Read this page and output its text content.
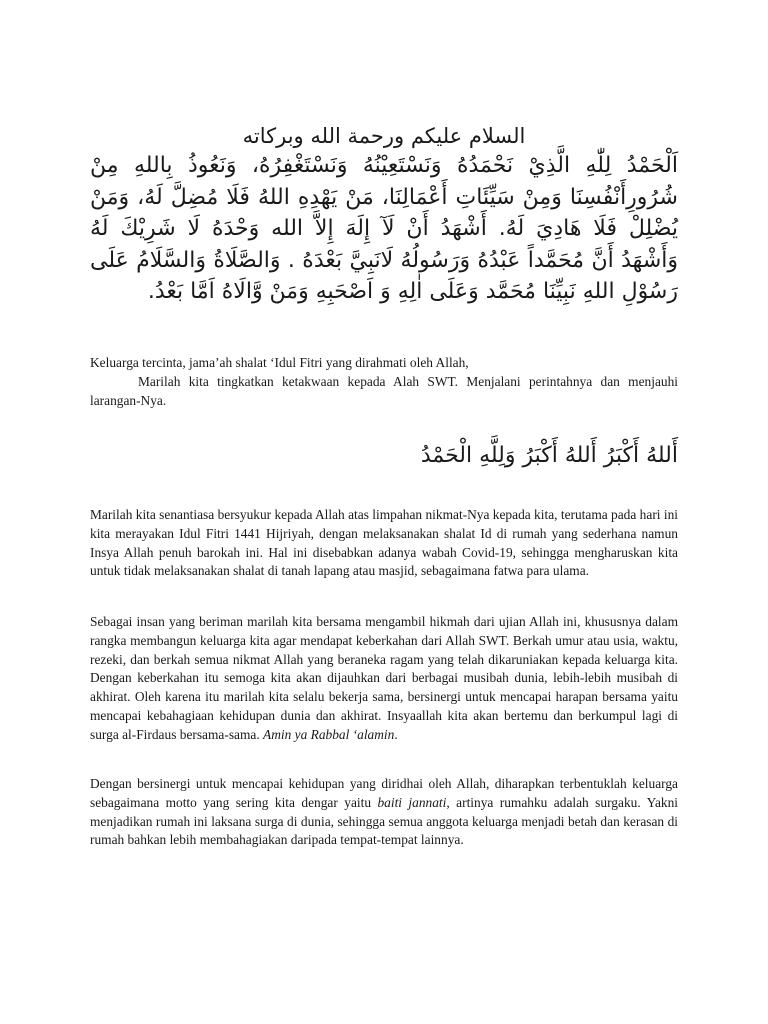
السلام عليكم ورحمة الله وبركاته
اَلْحَمْدُ لِلّٰهِ الَّذِيْ نَحْمَدُهُ وَنَسْتَعِيْنُهُ وَنَسْتَغْفِرُهُ، وَنَعُوذُ بِاللهِ مِنْ شُرُورِأَنْفُسِنَا وَمِنْ سَيِّئَاتِ أَعْمَالِنَا، مَنْ يَهْدِهِ اللهُ فَلَا مُضِلَّ لَهُ، وَمَنْ يُضْلِلْ فَلَا هَادِيَ لَهُ. أَشْهَدُ أَنْ لَآ إِلَهَ إِلاَّ الله وَحْدَهُ لَا شَرِيْكَ لَهُ وَأَشْهَدُ أَنَّ مُحَمَّداً عَبْدُهُ وَرَسُولُهُ لَانَبِيَّ بَعْدَهُ . وَالصَّلَاةُ وَالسَّلَامُ عَلَى رَسُوْلِ اللهِ نَبِيِّنَا مُحَمَّد وَعَلَى اٰلِهِ وَ اَصْحَبِهِ وَمَنْ وَّالَاهُ اَمَّا بَعْدُ.

Keluarga tercinta, jama’ah shalat ‘Idul Fitri yang dirahmati oleh Allah,

Marilah kita tingkatkan ketakwaan kepada Alah SWT. Menjalani perintahnya dan menjauhi larangan-Nya.

أَللهُ أَكْبَرُ أَللهُ أَكْبَرُ وَلِلَّهِ الْحَمْدُ

Marilah kita senantiasa bersyukur kepada Allah atas limpahan nikmat-Nya kepada kita, terutama pada hari ini kita merayakan Idul Fitri 1441 Hijriyah, dengan melaksanakan shalat Id di rumah yang sederhana namun Insya Allah penuh barokah ini. Hal ini disebabkan adanya wabah Covid-19, sehingga mengharuskan kita untuk tidak melaksanakan shalat di tanah lapang atau masjid, sebagaimana fatwa para ulama.

Sebagai insan yang beriman marilah kita bersama mengambil hikmah dari ujian Allah ini, khususnya dalam rangka membangun keluarga kita agar mendapat keberkahan dari Allah SWT. Berkah umur atau usia, waktu, rezeki, dan berkah semua nikmat Allah yang beraneka ragam yang telah dikaruniakan kepada keluarga kita. Dengan keberkahan itu semoga kita akan dijauhkan dari berbagai musibah dunia, lebih-lebih musibah di akhirat. Oleh karena itu marilah kita selalu bekerja sama, bersinergi untuk mencapai harapan bersama yaitu mencapai kebahagiaan kehidupan dunia dan akhirat. Insyaallah kita akan bertemu dan berkumpul lagi di surga al-Firdaus bersama-sama. Amin ya Rabbal ‘alamin.

Dengan bersinergi untuk mencapai kehidupan yang diridhai oleh Allah, diharapkan terbentuklah keluarga sebagaimana motto yang sering kita dengar yaitu baiti jannati, artinya rumahku adalah surgaku. Yakni menjadikan rumah ini laksana surga di dunia, sehingga semua anggota keluarga menjadi betah dan kerasan di rumah bahkan lebih membahagiakan daripada tempat-tempat lainnya.
